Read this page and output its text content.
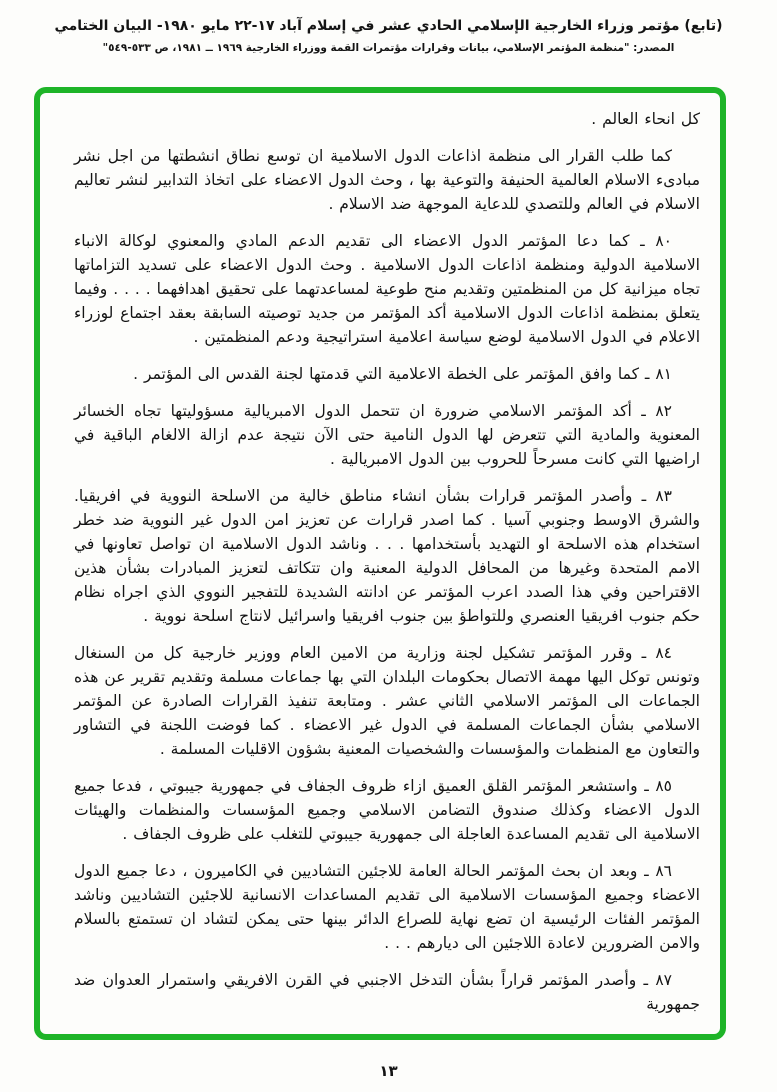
(تابع) مؤتمر وزراء الخارجية الإسلامي الحادي عشر في إسلام آباد ١٧-٢٢ مايو ١٩٨٠- البيان الختامي
المصدر: "منظمة المؤتمر الإسلامي، بيانات وقرارات مؤتمرات القمة ووزراء الخارجية ١٩٦٩ ــ ١٩٨١، ص ٥٣٣-٥٤٩"

كل انحاء العالم .

كما طلب القرار الى منظمة اذاعات الدول الاسلامية ان توسع نطاق انشطتها من اجل نشر مبادىء الاسلام العالمية الحنيفة والتوعية بها ، وحث الدول الاعضاء على اتخاذ التدابير لنشر تعاليم الاسلام في العالم وللتصدي للدعاية الموجهة ضد الاسلام .

٨٠ ـ كما دعا المؤتمر الدول الاعضاء الى تقديم الدعم المادي والمعنوي لوكالة الانباء الاسلامية الدولية ومنظمة اذاعات الدول الاسلامية . وحث الدول الاعضاء على تسديد التزاماتها تجاه ميزانية كل من المنظمتين وتقديم منح طوعية لمساعدتهما على تحقيق اهدافهما . . . . وفيما يتعلق بمنظمة اذاعات الدول الاسلامية أكد المؤتمر من جديد توصيته السابقة بعقد اجتماع لوزراء الاعلام في الدول الاسلامية لوضع سياسة اعلامية استراتيجية ودعم المنظمتين .

٨١ ـ كما وافق المؤتمر على الخطة الاعلامية التي قدمتها لجنة القدس الى المؤتمر .

٨٢ ـ أكد المؤتمر الاسلامي ضرورة ان تتحمل الدول الامبريالية مسؤوليتها تجاه الخسائر المعنوية والمادية التي تتعرض لها الدول النامية حتى الآن نتيجة عدم ازالة الالغام الباقية في اراضيها التي كانت مسرحاً للحروب بين الدول الامبريالية .

٨٣ ـ وأصدر المؤتمر قرارات بشأن انشاء مناطق خالية من الاسلحة النووية في افريقيا. والشرق الاوسط وجنوبي آسيا . كما اصدر قرارات عن تعزيز امن الدول غير النووية ضد خطر استخدام هذه الاسلحة او التهديد بأستخدامها . . . وناشد الدول الاسلامية ان تواصل تعاونها في الامم المتحدة وغيرها من المحافل الدولية المعنية وان تتكاتف لتعزيز المبادرات بشأن هذين الاقتراحين وفي هذا الصدد اعرب المؤتمر عن ادانته الشديدة للتفجير النووي الذي اجراه نظام حكم جنوب افريقيا العنصري وللتواطؤ بين جنوب افريقيا واسرائيل لانتاج اسلحة نووية .

٨٤ ـ وقرر المؤتمر تشكيل لجنة وزارية من الامين العام ووزير خارجية كل من السنغال وتونس توكل اليها مهمة الاتصال بحكومات البلدان التي بها جماعات مسلمة وتقديم تقرير عن هذه الجماعات الى المؤتمر الاسلامي الثاني عشر . ومتابعة تنفيذ القرارات الصادرة عن المؤتمر الاسلامي بشأن الجماعات المسلمة في الدول غير الاعضاء . كما فوضت اللجنة في التشاور والتعاون مع المنظمات والمؤسسات والشخصيات المعنية بشؤون الاقليات المسلمة .

٨٥ ـ واستشعر المؤتمر القلق العميق ازاء ظروف الجفاف في جمهورية جيبوتي ، فدعا جميع الدول الاعضاء وكذلك صندوق التضامن الاسلامي وجميع المؤسسات والمنظمات والهيئات الاسلامية الى تقديم المساعدة العاجلة الى جمهورية جيبوتي للتغلب على ظروف الجفاف .

٨٦ ـ وبعد ان بحث المؤتمر الحالة العامة للاجئين التشاديين في الكاميرون ، دعا جميع الدول الاعضاء وجميع المؤسسات الاسلامية الى تقديم المساعدات الانسانية للاجئين التشاديين وناشد المؤتمر الفئات الرئيسية ان تضع نهاية للصراع الدائر بينها حتى يمكن لتشاد ان تستمتع بالسلام والامن الضرورين لاعادة اللاجئين الى ديارهم . . .

٨٧ ـ وأصدر المؤتمر قراراً بشأن التدخل الاجنبي في القرن الافريقي واستمرار العدوان ضد جمهورية

١٣
